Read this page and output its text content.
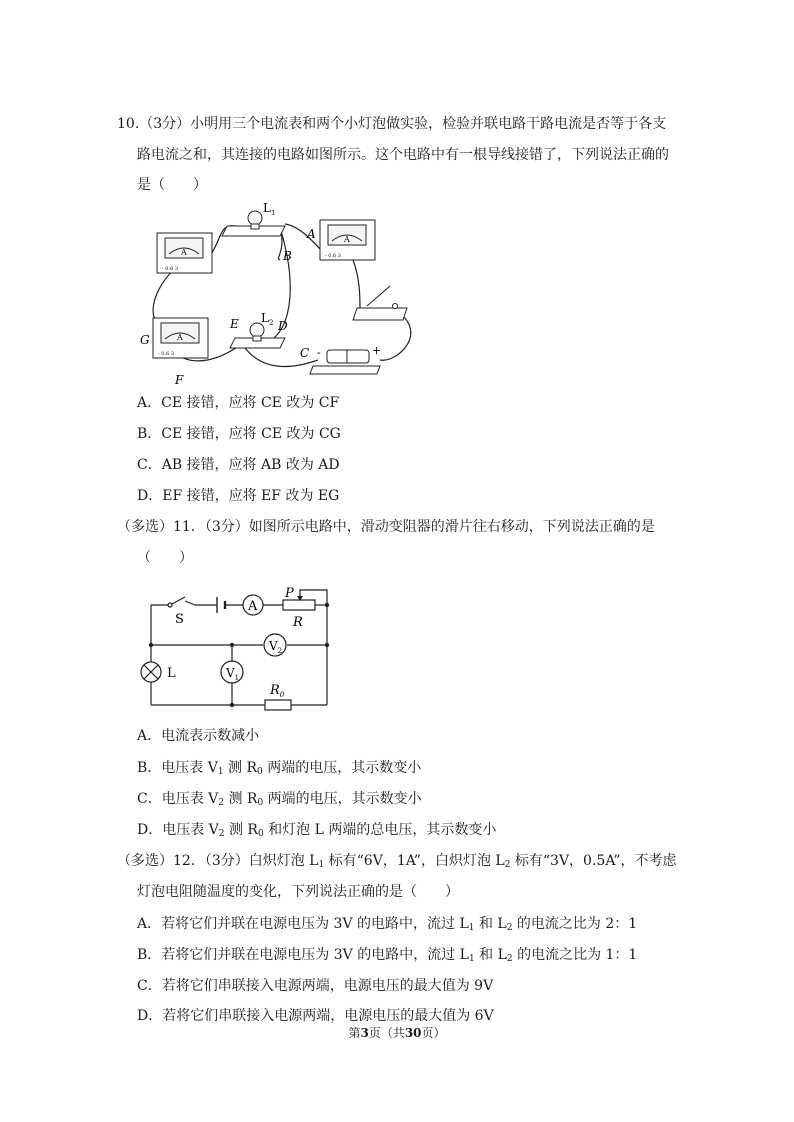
10.（3分）小明用三个电流表和两个小灯泡做实验，检验并联电路干路电流是否等于各支
路电流之和，其连接的电路如图所示。这个电路中有一根导线接错了，下列说法正确的
是（　　）
A
- 0.6 3
A
- 0.6 3
A
- 0.6 3
$L_1$
$L_2$
-	+
A
B
C
D
E
F
G
A．CE 接错，应将 CE 改为 CF
B．CE 接错，应将 CE 改为 CG
C．AB 接错，应将 AB 改为 AD
D．EF 接错，应将 EF 改为 EG
（多选）11．（3分）如图所示电路中，滑动变阻器的滑片往右移动，下列说法正确的是
（　　）
A
P
R
S
$V_2$
$V_1$
L
$R_0$
A．电流表示数减小
B．电压表 $V_1$ 测 $R_0$ 两端的电压，其示数变小
C．电压表 $V_2$ 测 $R_0$ 两端的电压，其示数变小
D．电压表 $V_2$ 测 $R_0$ 和灯泡 L 两端的总电压，其示数变小
（多选）12．（3分）白炽灯泡 $L_1$ 标有“6V，1A”，白炽灯泡 $L_2$ 标有“3V，0.5A”，不考虑
灯泡电阻随温度的变化，下列说法正确的是（　　）
A．若将它们并联在电源电压为 3V 的电路中，流过 $L_1$ 和 $L_2$ 的电流之比为 2：1
B．若将它们并联在电源电压为 3V 的电路中，流过 $L_1$ 和 $L_2$ 的电流之比为 1：1
C．若将它们串联接入电源两端，电源电压的最大值为 9V
D．若将它们串联接入电源两端，电源电压的最大值为 6V
第3页（共30页）
